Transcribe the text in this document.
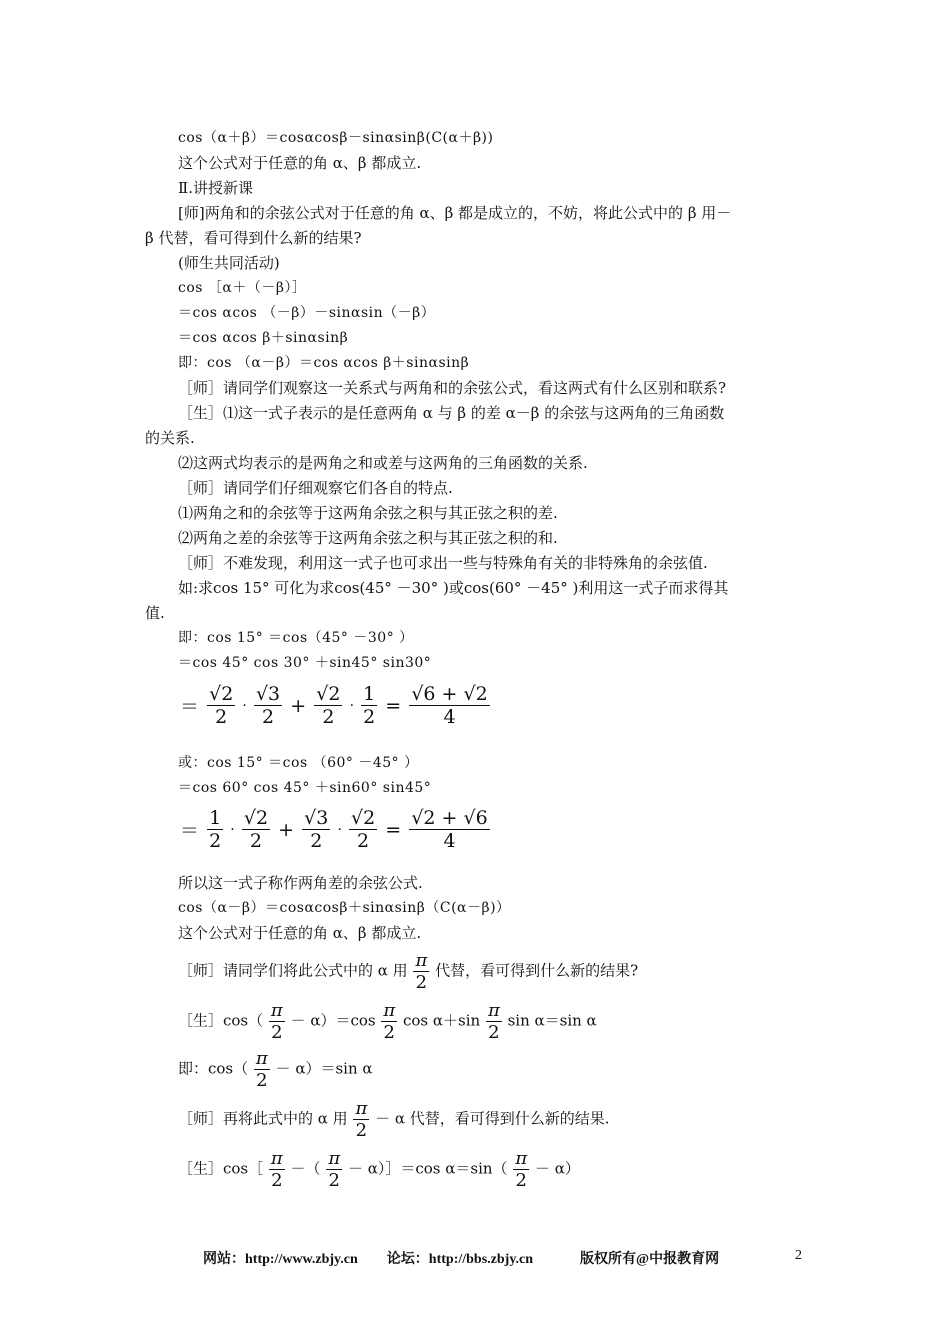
cos（α＋β）＝cosαcosβ－sinαsinβ(C(α＋β))
这个公式对于任意的角 α、β 都成立.
Ⅱ.讲授新课
[师]两角和的余弦公式对于任意的角 α、β 都是成立的，不妨，将此公式中的 β 用－
β 代替，看可得到什么新的结果?
(师生共同活动)
cos ［α＋（－β）］
＝cos αcos （－β）－sinαsin（－β）
＝cos αcos β＋sinαsinβ
即：cos （α－β）＝cos αcos β＋sinαsinβ
［师］请同学们观察这一关系式与两角和的余弦公式，看这两式有什么区别和联系?
［生］⑴这一式子表示的是任意两角 α 与 β 的差 α－β 的余弦与这两角的三角函数
的关系.
⑵这两式均表示的是两角之和或差与这两角的三角函数的关系.
［师］请同学们仔细观察它们各自的特点.
⑴两角之和的余弦等于这两角余弦之积与其正弦之积的差.
⑵两角之差的余弦等于这两角余弦之积与其正弦之积的和.
［师］不难发现，利用这一式子也可求出一些与特殊角有关的非特殊角的余弦值.
如:求cos 15° 可化为求cos(45° －30° )或cos(60° －45° )利用这一式子而求得其
值.
即：cos 15° ＝cos（45° －30° ）
＝cos 45° cos 30° ＋sin45° sin30°
＝ $\frac{√2}{2} \cdot \frac{√3}{2} + \frac{√2}{2} \cdot \frac{1}{2} = \frac{√6 + √2}{4}$
或：cos 15° ＝cos （60° －45° ）
＝cos 60° cos 45° ＋sin60° sin45°
＝ $\frac{1}{2} \cdot \frac{√2}{2} + \frac{√3}{2} \cdot \frac{√2}{2} = \frac{√2 + √6}{4}$
所以这一式子称作两角差的余弦公式.
cos（α－β）＝cosαcosβ＋sinαsinβ（C(α－β)）
这个公式对于任意的角 α、β 都成立.
［师］请同学们将此公式中的 α 用 $\frac{\pi}{2}$ 代替，看可得到什么新的结果?
［生］cos（ $\frac{\pi}{2} - \alpha)=\cos \frac{\pi}{2}$ $\cos \alpha+\sin \frac{\pi}{2}$ sin α＝sin α
即：$\cos( \frac{\pi}{2} - \alpha)=\sin$ α
［师］再将此式中的 α 用 $\frac{\pi}{2} - \alpha$ 代替，看可得到什么新的结果.
［生］cos［ $\frac{\pi}{2}$ －（ $\frac{\pi}{2}$ － α）］＝cos $\alpha=\sin( \frac{\pi}{2} - \alpha)$
网站：http://www.zbjy.cn 论坛：http://bbs.zbjy.cn	版权所有@中报教育网	2
